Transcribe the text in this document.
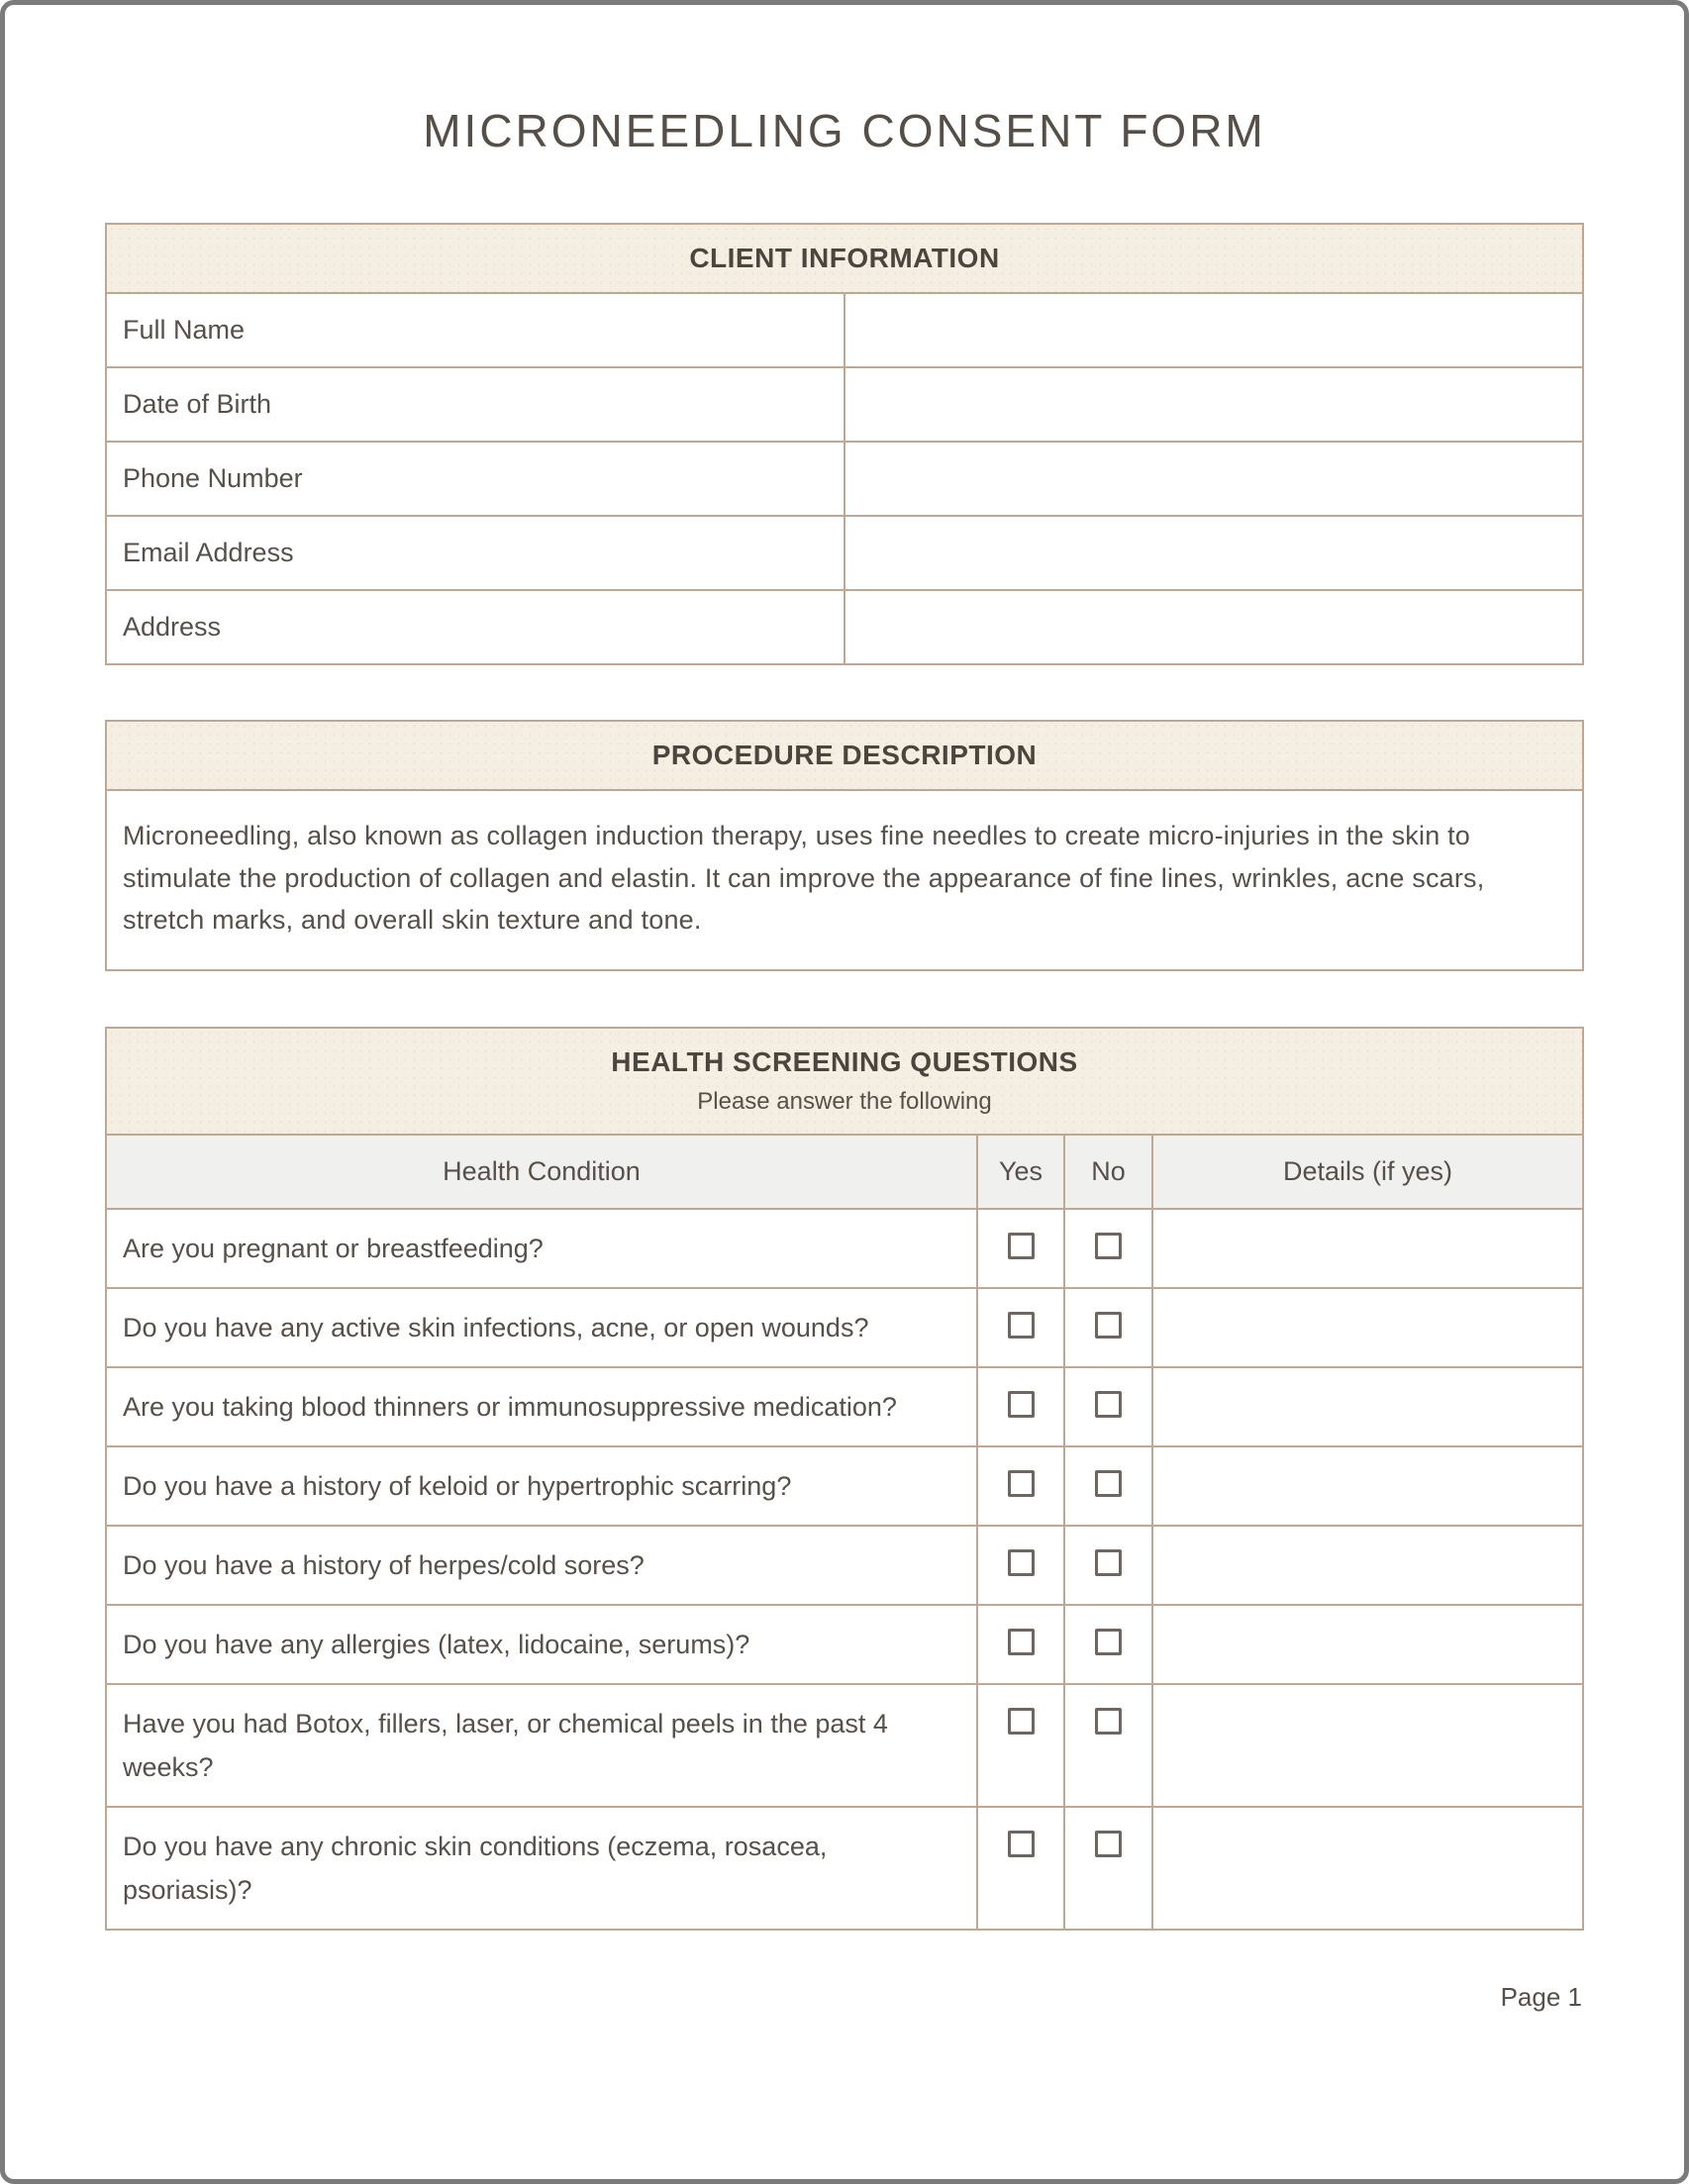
MICRONEEDLING CONSENT FORM
CLIENT INFORMATION	
Full Name	
Date of Birth	
Phone Number	
Email Address	
Address	
PROCEDURE DESCRIPTION
Microneedling, also known as collagen induction therapy, uses fine needles to create micro-injuries in the skin to stimulate the production of collagen and elastin. It can improve the appearance of fine lines, wrinkles, acne scars, stretch marks, and overall skin texture and tone.
HEALTH SCREENING QUESTIONS
Please answer the following			

Health Condition	Yes	No	Details (if yes)
Are you pregnant or breastfeeding?			
Do you have any active skin infections, acne, or open wounds?			
Are you taking blood thinners or immunosuppressive medication?			
Do you have a history of keloid or hypertrophic scarring?			
Do you have a history of herpes/cold sores?			
Do you have any allergies (latex, lidocaine, serums)?			
Have you had Botox, fillers, laser, or chemical peels in the past 4 weeks?			
Do you have any chronic skin conditions (eczema, rosacea, psoriasis)?			
Page 1
